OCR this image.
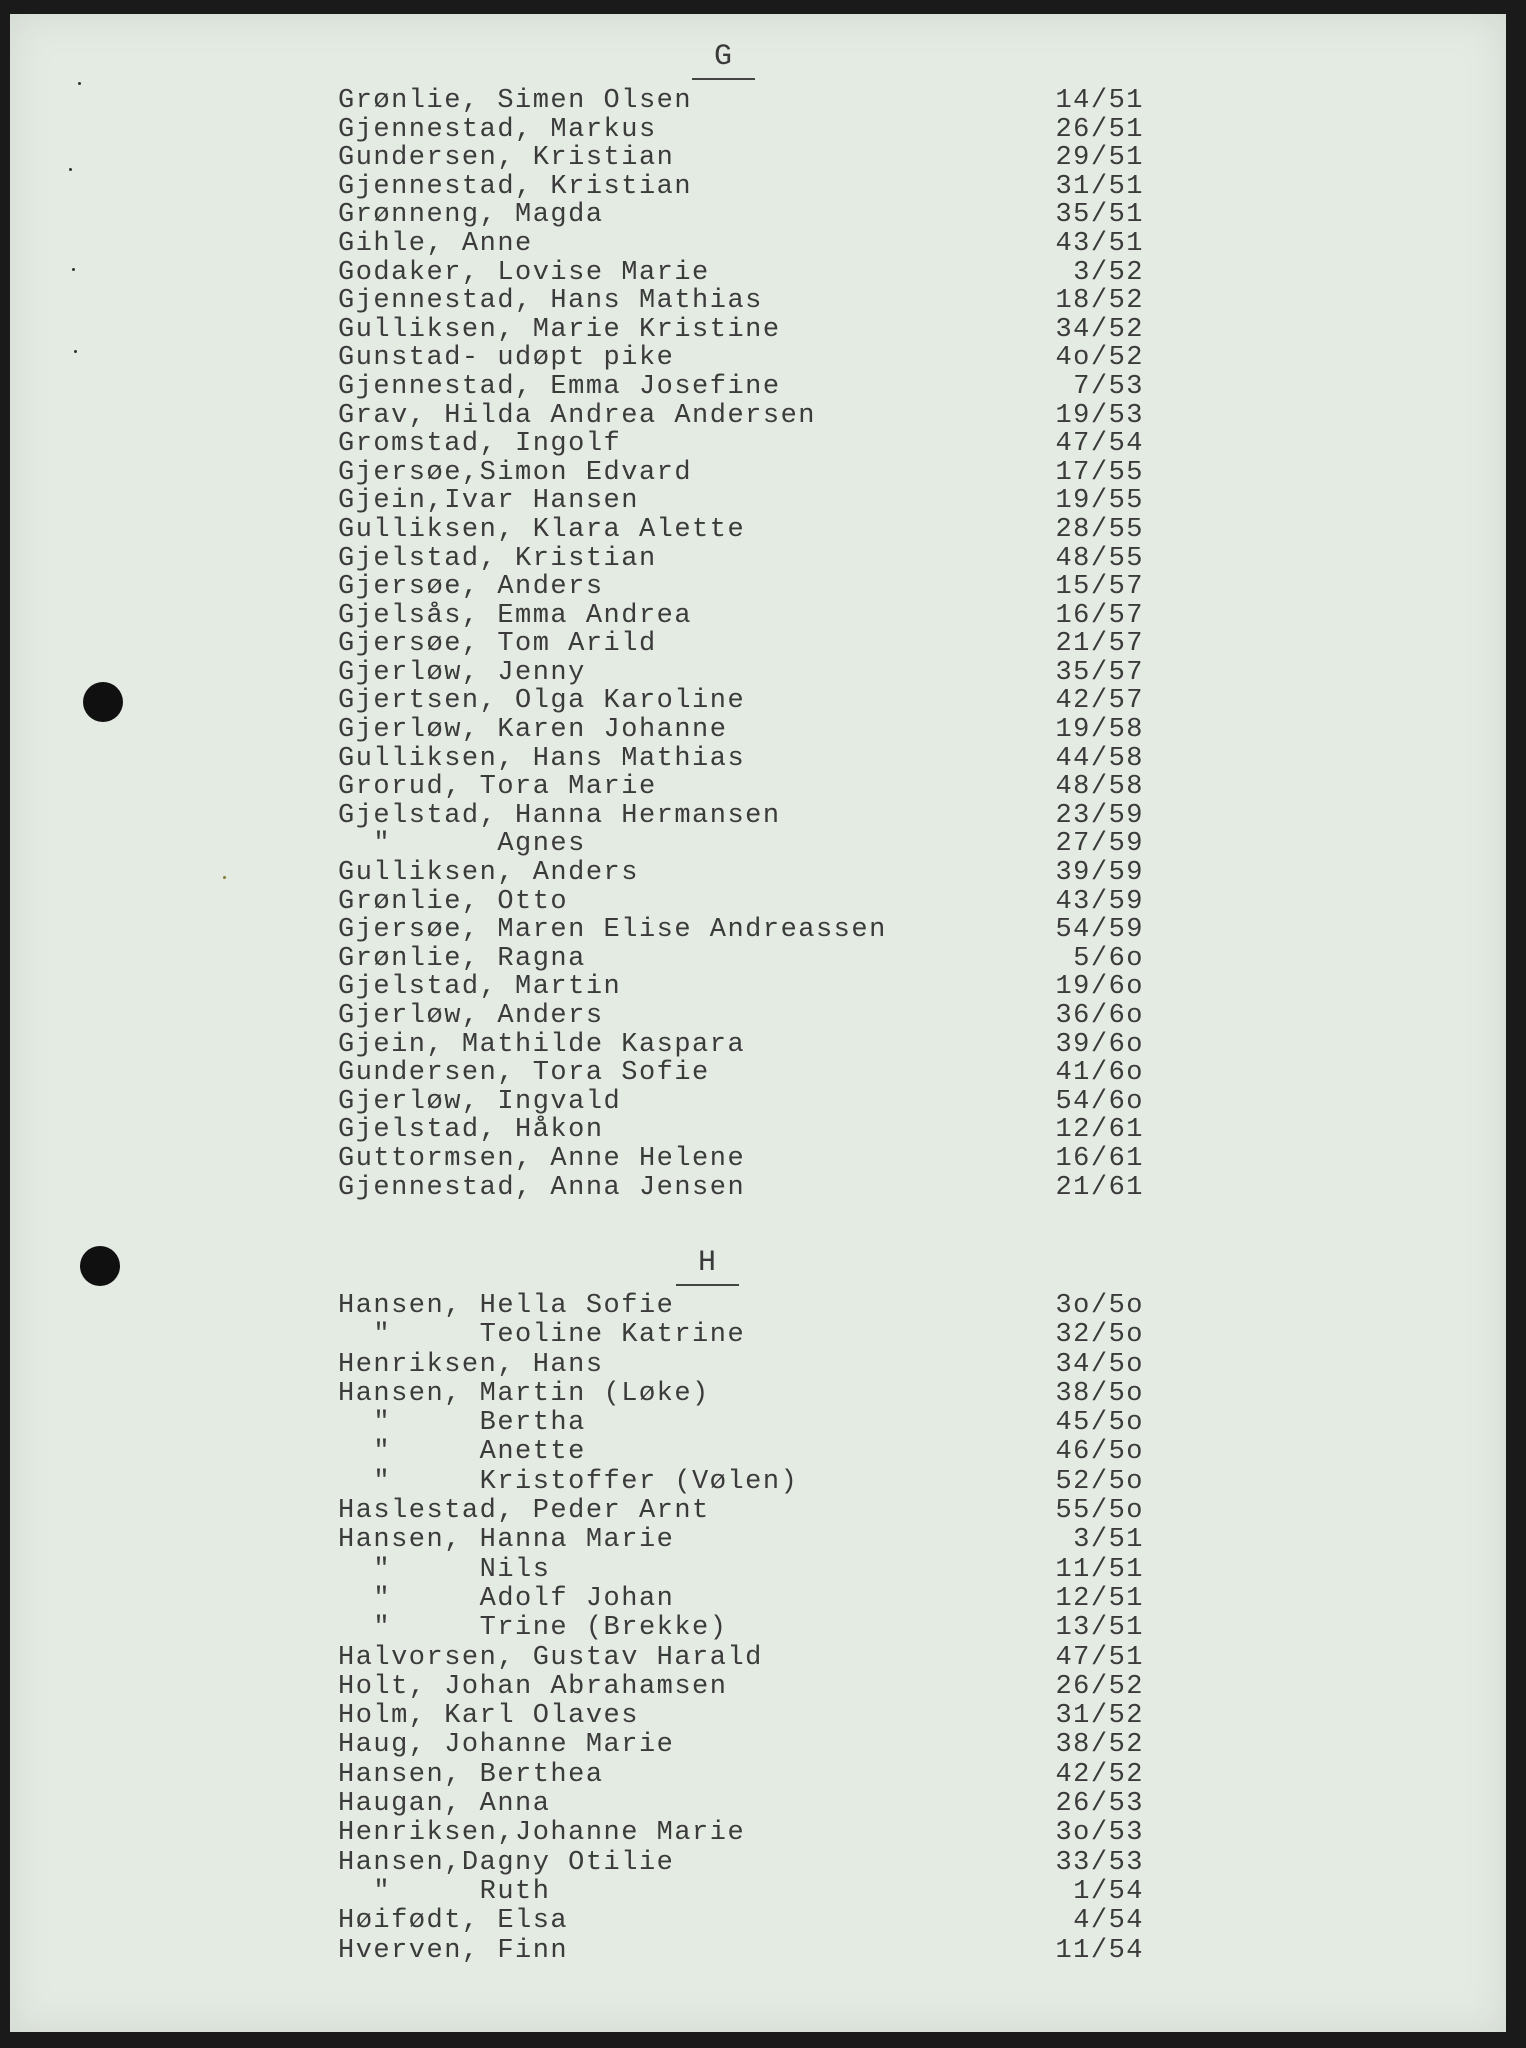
G
Grønlie, Simen Olsen	14/51
Gjennestad, Markus	26/51
Gundersen, Kristian	29/51
Gjennestad, Kristian	31/51
Grønneng, Magda	35/51
Gihle, Anne	43/51
Godaker, Lovise Marie	3/52
Gjennestad, Hans Mathias	18/52
Gulliksen, Marie Kristine	34/52
Gunstad- udøpt pike	4o/52
Gjennestad, Emma Josefine	7/53
Grav, Hilda Andrea Andersen	19/53
Gromstad, Ingolf	47/54
Gjersøe,Simon Edvard	17/55
Gjein,Ivar Hansen	19/55
Gulliksen, Klara Alette	28/55
Gjelstad, Kristian	48/55
Gjersøe, Anders	15/57
Gjelsås, Emma Andrea	16/57
Gjersøe, Tom Arild	21/57
Gjerløw, Jenny	35/57
Gjertsen, Olga Karoline	42/57
Gjerløw, Karen Johanne	19/58
Gulliksen, Hans Mathias	44/58
Grorud, Tora Marie	48/58
Gjelstad, Hanna Hermansen	23/59
"      Agnes	27/59
Gulliksen, Anders	39/59
Grønlie, Otto	43/59
Gjersøe, Maren Elise Andreassen	54/59
Grønlie, Ragna	5/6o
Gjelstad, Martin	19/6o
Gjerløw, Anders	36/6o
Gjein, Mathilde Kaspara	39/6o
Gundersen, Tora Sofie	41/6o
Gjerløw, Ingvald	54/6o
Gjelstad, Håkon	12/61
Guttormsen, Anne Helene	16/61
Gjennestad, Anna Jensen	21/61
H
Hansen, Hella Sofie	3o/5o
"     Teoline Katrine	32/5o
Henriksen, Hans	34/5o
Hansen, Martin (Løke)	38/5o
"     Bertha	45/5o
"     Anette	46/5o
"     Kristoffer (Vølen)	52/5o
Haslestad, Peder Arnt	55/5o
Hansen, Hanna Marie	3/51
"     Nils	11/51
"     Adolf Johan	12/51
"     Trine (Brekke)	13/51
Halvorsen, Gustav Harald	47/51
Holt, Johan Abrahamsen	26/52
Holm, Karl Olaves	31/52
Haug, Johanne Marie	38/52
Hansen, Berthea	42/52
Haugan, Anna	26/53
Henriksen,Johanne Marie	3o/53
Hansen,Dagny Otilie	33/53
"     Ruth	1/54
Høifødt, Elsa	4/54
Hverven, Finn	11/54
